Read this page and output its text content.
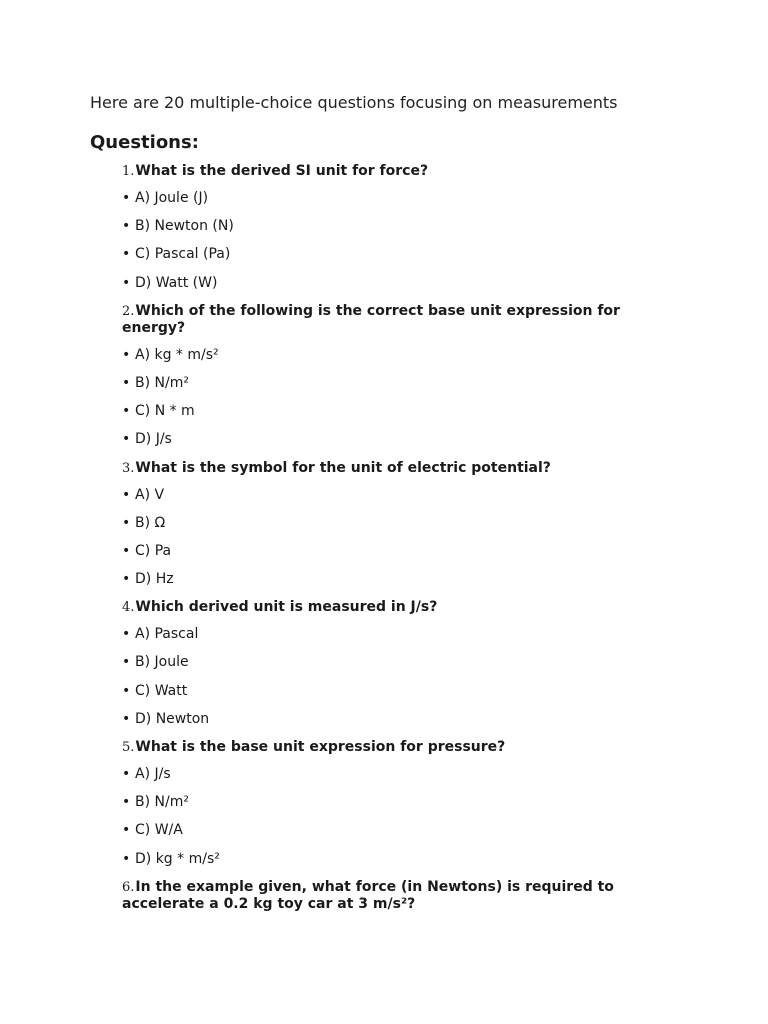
Here are 20 multiple-choice questions focusing on measurements
Questions:
1.What is the derived SI unit for force?
• A) Joule (J)
• B) Newton (N)
• C) Pascal (Pa)
• D) Watt (W)
2.Which of the following is the correct base unit expression for energy?
• A) kg * m/s²
• B) N/m²
• C) N * m
• D) J/s
3.What is the symbol for the unit of electric potential?
• A) V
• B) Ω
• C) Pa
• D) Hz
4.Which derived unit is measured in J/s?
• A) Pascal
• B) Joule
• C) Watt
• D) Newton
5.What is the base unit expression for pressure?
• A) J/s
• B) N/m²
• C) W/A
• D) kg * m/s²
6.In the example given, what force (in Newtons) is required to accelerate a 0.2 kg toy car at 3 m/s²?
